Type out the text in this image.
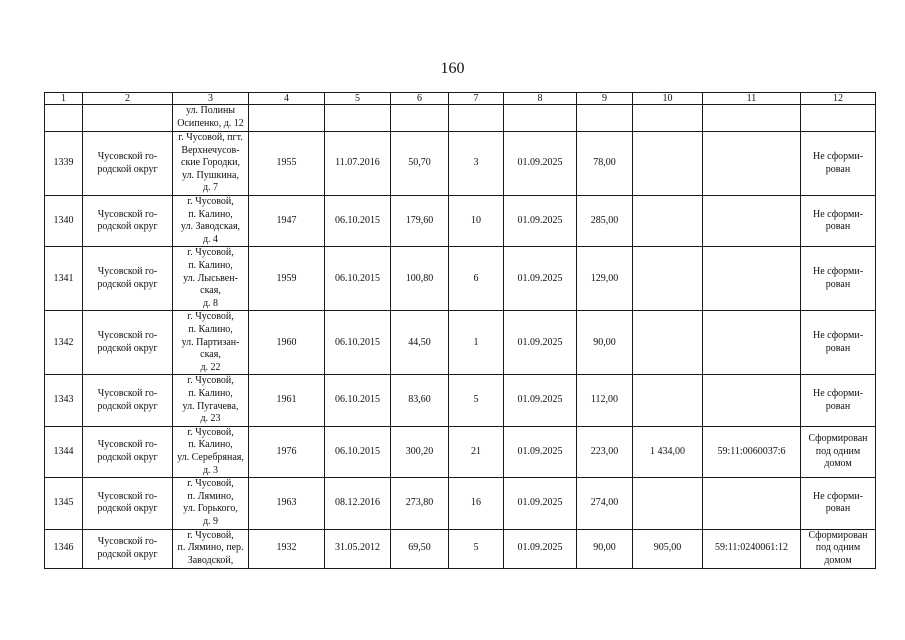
160
1	2	3	4	5	6	7	8	9	10	11	12
		ул. Полины
Осипенко, д. 12									
1339	Чусовской го-
родской округ	г. Чусовой, пгт.
Верхнечусов-
ские Городки,
ул. Пушкина,
д. 7	1955	11.07.2016	50,70	3	01.09.2025	78,00			Не сформи-
рован
1340	Чусовской го-
родской округ	г. Чусовой,
п. Калино,
ул. Заводская,
д. 4	1947	06.10.2015	179,60	10	01.09.2025	285,00			Не сформи-
рован
1341	Чусовской го-
родской округ	г. Чусовой,
п. Калино,
ул. Лысьвен-
ская,
д. 8	1959	06.10.2015	100,80	6	01.09.2025	129,00			Не сформи-
рован
1342	Чусовской го-
родской округ	г. Чусовой,
п. Калино,
ул. Партизан-
ская,
д. 22	1960	06.10.2015	44,50	1	01.09.2025	90,00			Не сформи-
рован
1343	Чусовской го-
родской округ	г. Чусовой,
п. Калино,
ул. Пугачева,
д. 23	1961	06.10.2015	83,60	5	01.09.2025	112,00			Не сформи-
рован
1344	Чусовской го-
родской округ	г. Чусовой,
п. Калино,
ул. Серебряная,
д. 3	1976	06.10.2015	300,20	21	01.09.2025	223,00	1 434,00	59:11:0060037:6	Сформирован
под одним
домом
1345	Чусовской го-
родской округ	г. Чусовой,
п. Лямино,
ул. Горького,
д. 9	1963	08.12.2016	273,80	16	01.09.2025	274,00			Не сформи-
рован
1346	Чусовской го-
родской округ	г. Чусовой,
п. Лямино, пер.
Заводской,	1932	31.05.2012	69,50	5	01.09.2025	90,00	905,00	59:11:0240061:12	Сформирован
под одним
домом
